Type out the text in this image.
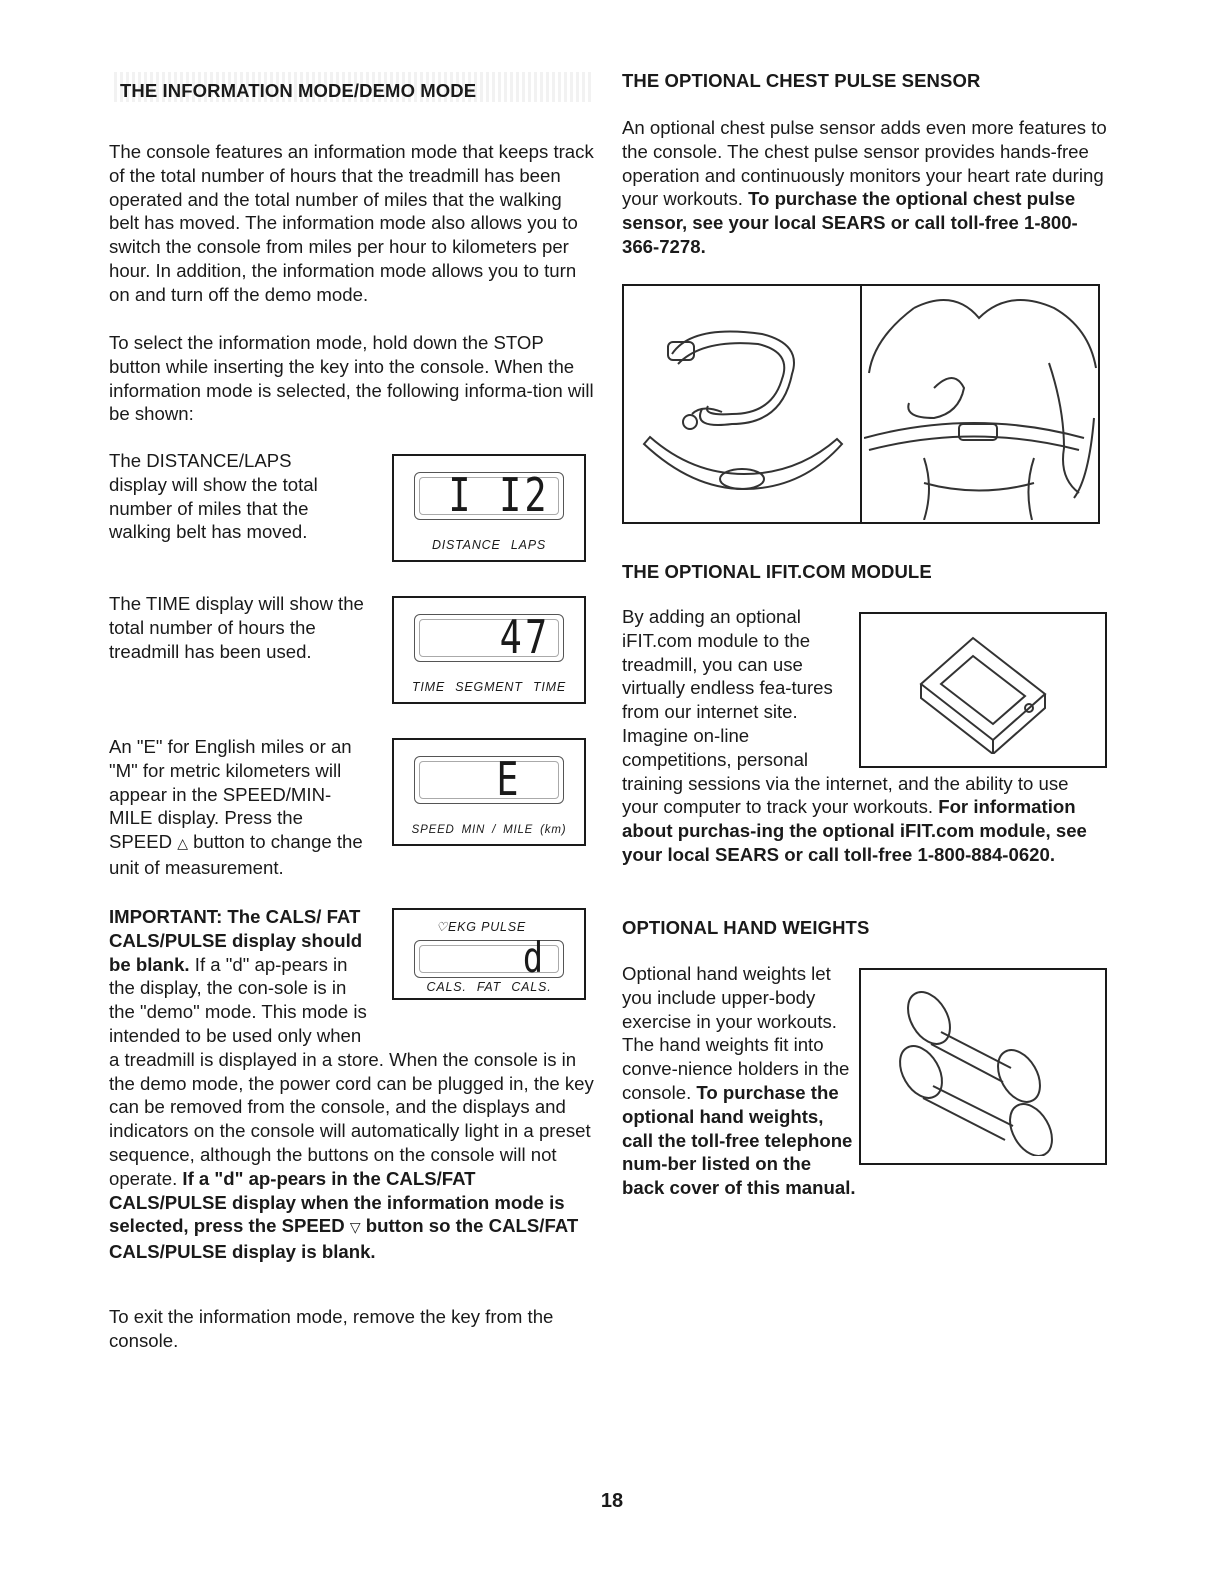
THE INFORMATION MODE/DEMO MODE

The console features an information mode that keeps track of the total number of hours that the treadmill has been operated and the total number of miles that the walking belt has moved. The information mode also allows you to switch the console from miles per hour to kilometers per hour. In addition, the information mode allows you to turn on and turn off the demo mode.

To select the information mode, hold down the STOP button while inserting the key into the console. When the information mode is selected, the following informa-tion will be shown:

The DISTANCE/LAPS display will show the total number of miles that the walking belt has moved.

The TIME display will show the total number of hours the treadmill has been used.

An "E" for English miles or an "M" for metric kilometers will appear in the SPEED/MIN-MILE display. Press the SPEED △ button to change the unit of measurement.

I I2
DISTANCE LAPS
47
TIME SEGMENT TIME
E
SPEED MIN / MILE (km)
♡EKG PULSE
d
CALS. FAT CALS.

IMPORTANT: The CALS/ FAT CALS/PULSE display should be blank. If a "d" ap-pears in the display, the con-sole is in the "demo" mode. This mode is intended to be used only when a treadmill is displayed in a store. When the console is in the demo mode, the power cord can be plugged in, the key can be removed from the console, and the displays and indicators on the console will automatically light in a preset sequence, although the buttons on the console will not operate. If a "d" ap-pears in the CALS/FAT CALS/PULSE display when the information mode is selected, press the SPEED ▽ button so the CALS/FAT CALS/PULSE display is blank.

To exit the information mode, remove the key from the console.

THE OPTIONAL CHEST PULSE SENSOR

An optional chest pulse sensor adds even more features to the console. The chest pulse sensor provides hands-free operation and continuously monitors your heart rate during your workouts. To purchase the optional chest pulse sensor, see your local SEARS or call toll-free 1-800-366-7278.

THE OPTIONAL IFIT.COM MODULE

By adding an optional iFIT.com module to the treadmill, you can use virtually endless fea-tures from our internet site. Imagine on-line competitions, personal training sessions via the internet, and the ability to use your computer to track your workouts. For information about purchas-ing the optional iFIT.com module, see your local SEARS or call toll-free 1-800-884-0620.

OPTIONAL HAND WEIGHTS

Optional hand weights let you include upper-body exercise in your workouts. The hand weights fit into conve-nience holders in the console. To purchase the optional hand weights, call the toll-free telephone num-ber listed on the back cover of this manual.

18
